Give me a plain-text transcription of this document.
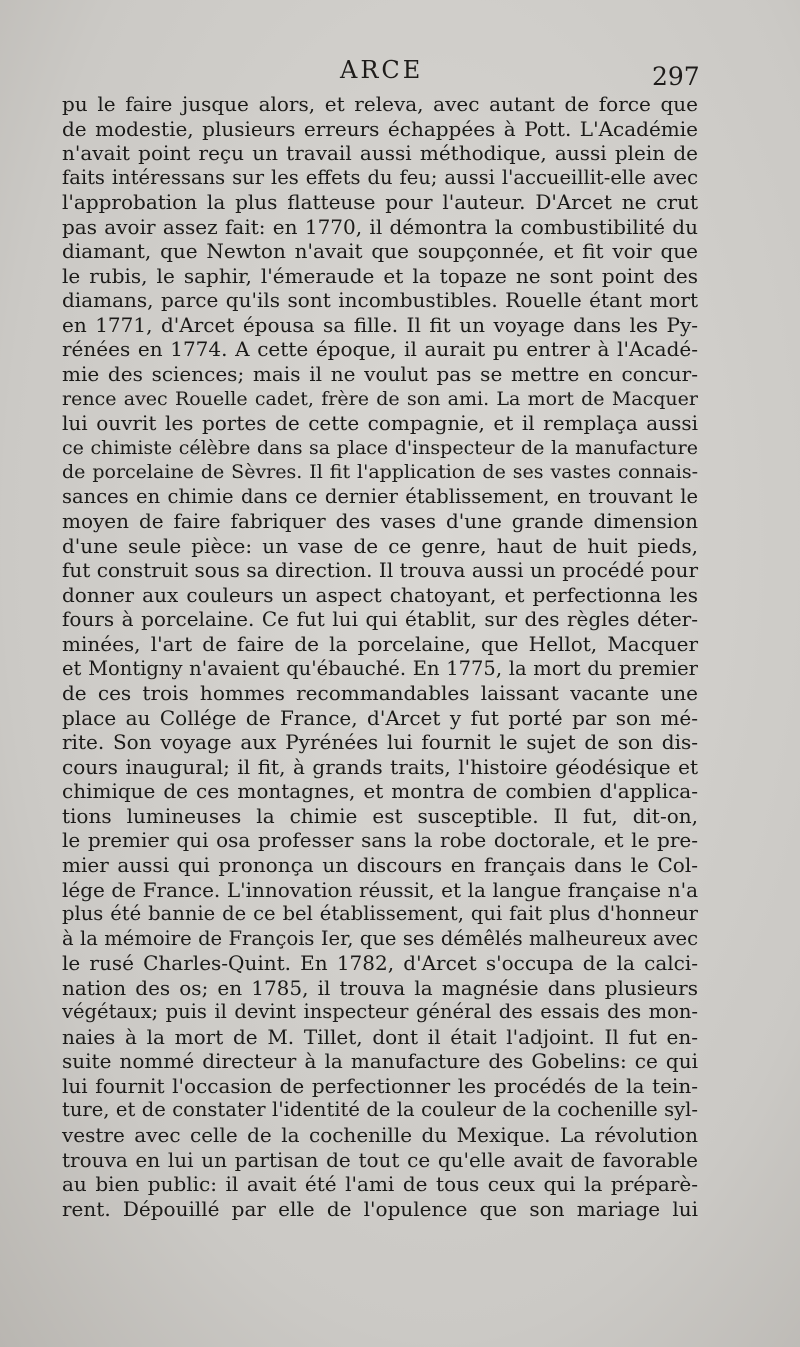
ARCE	297
pu le faire jusque alors, et releva, avec autant de force que
de modestie, plusieurs erreurs échappées à Pott. L'Académie
n'avait point reçu un travail aussi méthodique, aussi plein de
faits intéressans sur les effets du feu; aussi l'accueillit-elle avec
l'approbation la plus flatteuse pour l'auteur. D'Arcet ne crut
pas avoir assez fait: en 1770, il démontra la combustibilité du
diamant, que Newton n'avait que soupçonnée, et fit voir que
le rubis, le saphir, l'émeraude et la topaze ne sont point des
diamans, parce qu'ils sont incombustibles. Rouelle étant mort
en 1771, d'Arcet épousa sa fille. Il fit un voyage dans les Py-
rénées en 1774. A cette époque, il aurait pu entrer à l'Acadé-
mie des sciences; mais il ne voulut pas se mettre en concur-
rence avec Rouelle cadet, frère de son ami. La mort de Macquer
lui ouvrit les portes de cette compagnie, et il remplaça aussi
ce chimiste célèbre dans sa place d'inspecteur de la manufacture
de porcelaine de Sèvres. Il fit l'application de ses vastes connais-
sances en chimie dans ce dernier établissement, en trouvant le
moyen de faire fabriquer des vases d'une grande dimension
d'une seule pièce: un vase de ce genre, haut de huit pieds,
fut construit sous sa direction. Il trouva aussi un procédé pour
donner aux couleurs un aspect chatoyant, et perfectionna les
fours à porcelaine. Ce fut lui qui établit, sur des règles déter-
minées, l'art de faire de la porcelaine, que Hellot, Macquer
et Montigny n'avaient qu'ébauché. En 1775, la mort du premier
de ces trois hommes recommandables laissant vacante une
place au Collége de France, d'Arcet y fut porté par son mé-
rite. Son voyage aux Pyrénées lui fournit le sujet de son dis-
cours inaugural; il fit, à grands traits, l'histoire géodésique et
chimique de ces montagnes, et montra de combien d'applica-
tions lumineuses la chimie est susceptible. Il fut, dit-on,
le premier qui osa professer sans la robe doctorale, et le pre-
mier aussi qui prononça un discours en français dans le Col-
lége de France. L'innovation réussit, et la langue française n'a
plus été bannie de ce bel établissement, qui fait plus d'honneur
à la mémoire de François Ier, que ses démêlés malheureux avec
le rusé Charles-Quint. En 1782, d'Arcet s'occupa de la calci-
nation des os; en 1785, il trouva la magnésie dans plusieurs
végétaux; puis il devint inspecteur général des essais des mon-
naies à la mort de M. Tillet, dont il était l'adjoint. Il fut en-
suite nommé directeur à la manufacture des Gobelins: ce qui
lui fournit l'occasion de perfectionner les procédés de la tein-
ture, et de constater l'identité de la couleur de la cochenille syl-
vestre avec celle de la cochenille du Mexique. La révolution
trouva en lui un partisan de tout ce qu'elle avait de favorable
au bien public: il avait été l'ami de tous ceux qui la préparè-
rent. Dépouillé par elle de l'opulence que son mariage lui
